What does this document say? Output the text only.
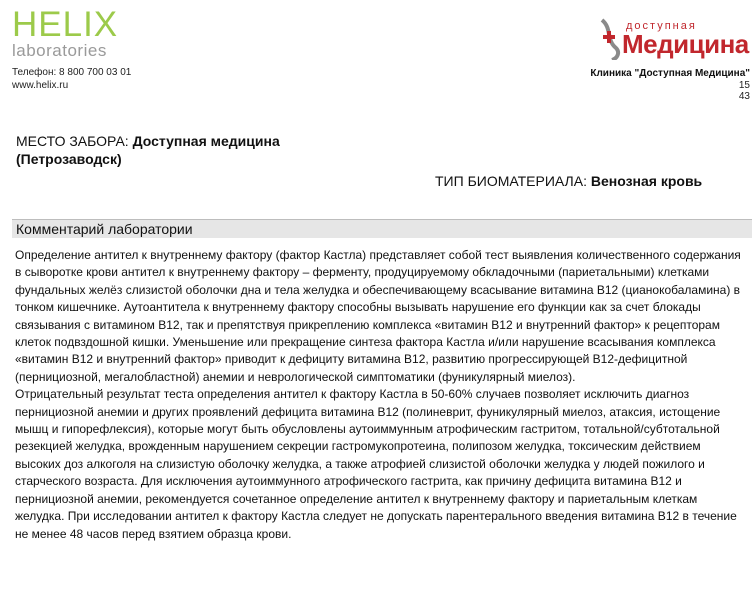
HELIX
laboratories
Телефон: 8 800 700 03 01
www.helix.ru
доступная
Медицина
Клиника "Доступная Медицина"
15
43
МЕСТО ЗАБОРА: Доступная медицина (Петрозаводск)
ТИП БИОМАТЕРИАЛА: Венозная кровь
Комментарий лаборатории

Определение антител к внутреннему фактору (фактор Кастла) представляет собой тест выявления количественного содержания в сыворотке крови антител к внутреннему фактору – ферменту, продуцируемому обкладочными (париетальными) клетками фундальных желёз слизистой оболочки дна и тела желудка и обеспечивающему всасывание витамина В12 (цианокобаламина) в тонком кишечнике. Аутоантитела к внутреннему фактору способны вызывать нарушение его функции как за счет блокады связывания с витамином В12, так и препятствуя прикреплению комплекса «витамин В12 и внутренний фактор» к рецепторам клеток подвздошной кишки. Уменьшение или прекращение синтеза фактора Кастла и/или нарушение всасывания комплекса «витамин В12 и внутренний фактор» приводит к дефициту витамина В12, развитию прогрессирующей В12-дефицитной (пернициозной, мегалобластной) анемии и неврологической симптоматики (фуникулярный миелоз).

Отрицательный результат теста определения антител к фактору Кастла в 50-60% случаев позволяет исключить диагноз пернициозной анемии и других проявлений дефицита витамина В12 (полиневрит, фуникулярный миелоз, атаксия, истощение мышц и гипорефлексия), которые могут быть обусловлены аутоиммунным атрофическим гастритом, тотальной/субтотальной резекцией желудка, врожденным нарушением секреции гастромукопротеина, полипозом желудка, токсическим действием высоких доз алкоголя на слизистую оболочку желудка, а также атрофией слизистой оболочки желудка у людей пожилого и старческого возраста. Для исключения аутоиммунного атрофического гастрита, как причину дефицита витамина В12 и пернициозной анемии, рекомендуется сочетанное определение антител к внутреннему фактору и париетальным клеткам желудка. При исследовании антител к фактору Кастла следует не допускать парентерального введения витамина В12 в течение не менее 48 часов перед взятием образца крови.
